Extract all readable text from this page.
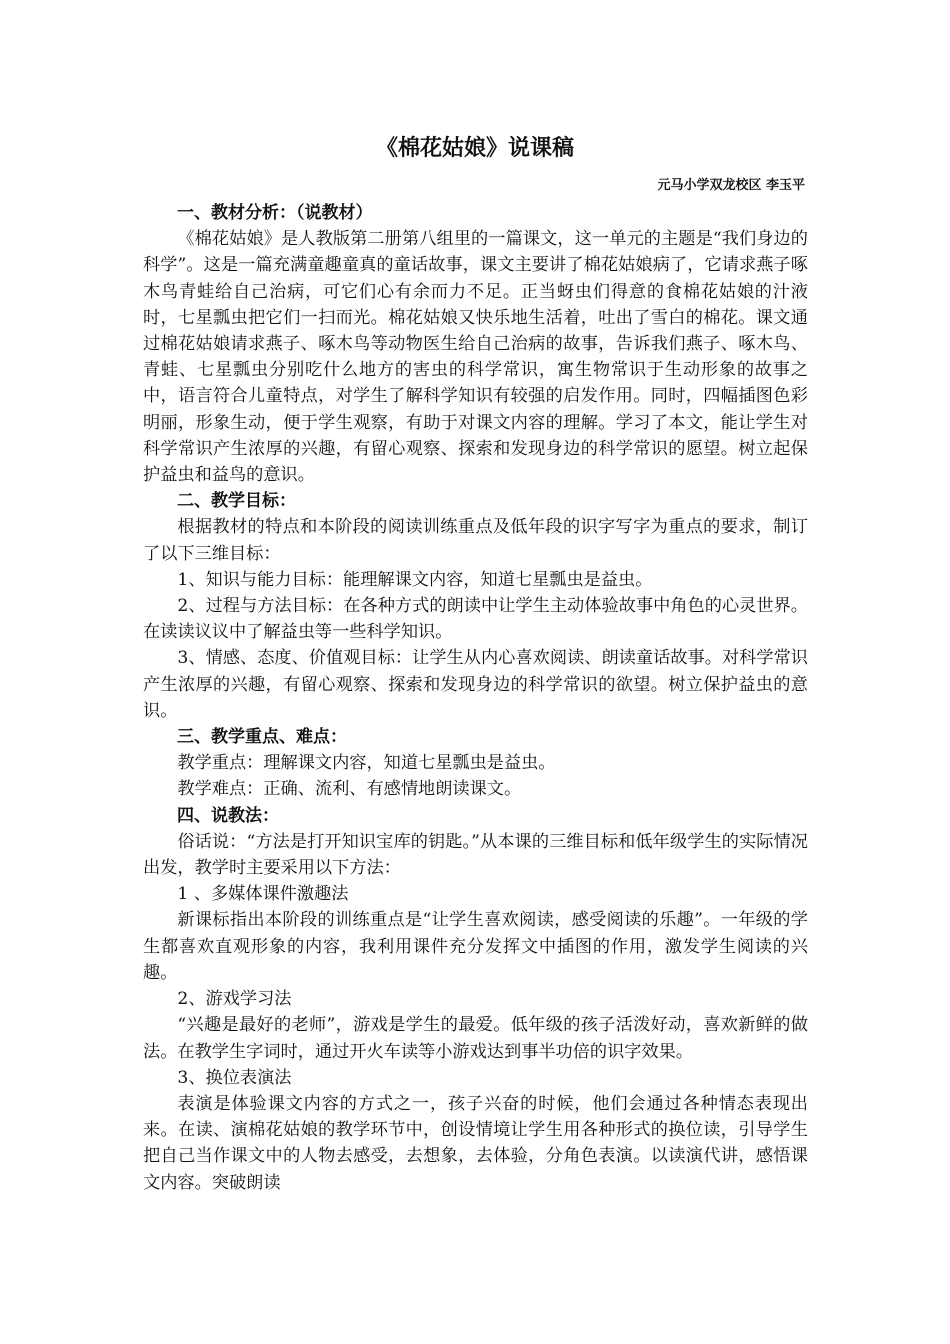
《棉花姑娘》说课稿
元马小学双龙校区 李玉平
一、教材分析：（说教材）

《棉花姑娘》是人教版第二册第八组里的一篇课文，这一单元的主题是“我们身边的科学”。这是一篇充满童趣童真的童话故事，课文主要讲了棉花姑娘病了，它请求燕子啄木鸟青蛙给自己治病，可它们心有余而力不足。正当蚜虫们得意的食棉花姑娘的汁液时，七星瓢虫把它们一扫而光。棉花姑娘又快乐地生活着，吐出了雪白的棉花。课文通过棉花姑娘请求燕子、啄木鸟等动物医生给自己治病的故事，告诉我们燕子、啄木鸟、青蛙、七星瓢虫分别吃什么地方的害虫的科学常识，寓生物常识于生动形象的故事之中，语言符合儿童特点，对学生了解科学知识有较强的启发作用。同时，四幅插图色彩明丽，形象生动，便于学生观察，有助于对课文内容的理解。学习了本文，能让学生对科学常识产生浓厚的兴趣，有留心观察、探索和发现身边的科学常识的愿望。树立起保护益虫和益鸟的意识。

二、教学目标：

根据教材的特点和本阶段的阅读训练重点及低年段的识字写字为重点的要求，制订了以下三维目标：

1、知识与能力目标：能理解课文内容，知道七星瓢虫是益虫。

2、过程与方法目标：在各种方式的朗读中让学生主动体验故事中角色的心灵世界。在读读议议中了解益虫等一些科学知识。

3、情感、态度、价值观目标：让学生从内心喜欢阅读、朗读童话故事。对科学常识产生浓厚的兴趣，有留心观察、探索和发现身边的科学常识的欲望。树立保护益虫的意识。

三、教学重点、难点：

教学重点：理解课文内容，知道七星瓢虫是益虫。

教学难点：正确、流利、有感情地朗读课文。

四、说教法：

俗话说：“方法是打开知识宝库的钥匙。”从本课的三维目标和低年级学生的实际情况出发，教学时主要采用以下方法：

1 、多媒体课件激趣法

新课标指出本阶段的训练重点是“让学生喜欢阅读，感受阅读的乐趣”。一年级的学生都喜欢直观形象的内容，我利用课件充分发挥文中插图的作用，激发学生阅读的兴趣。

2、游戏学习法

“兴趣是最好的老师”，游戏是学生的最爱。低年级的孩子活泼好动，喜欢新鲜的做法。在教学生字词时，通过开火车读等小游戏达到事半功倍的识字效果。

3、换位表演法

表演是体验课文内容的方式之一，孩子兴奋的时候，他们会通过各种情态表现出来。在读、演棉花姑娘的教学环节中，创设情境让学生用各种形式的换位读，引导学生把自己当作课文中的人物去感受，去想象，去体验，分角色表演。以读演代讲，感悟课文内容。突破朗读
